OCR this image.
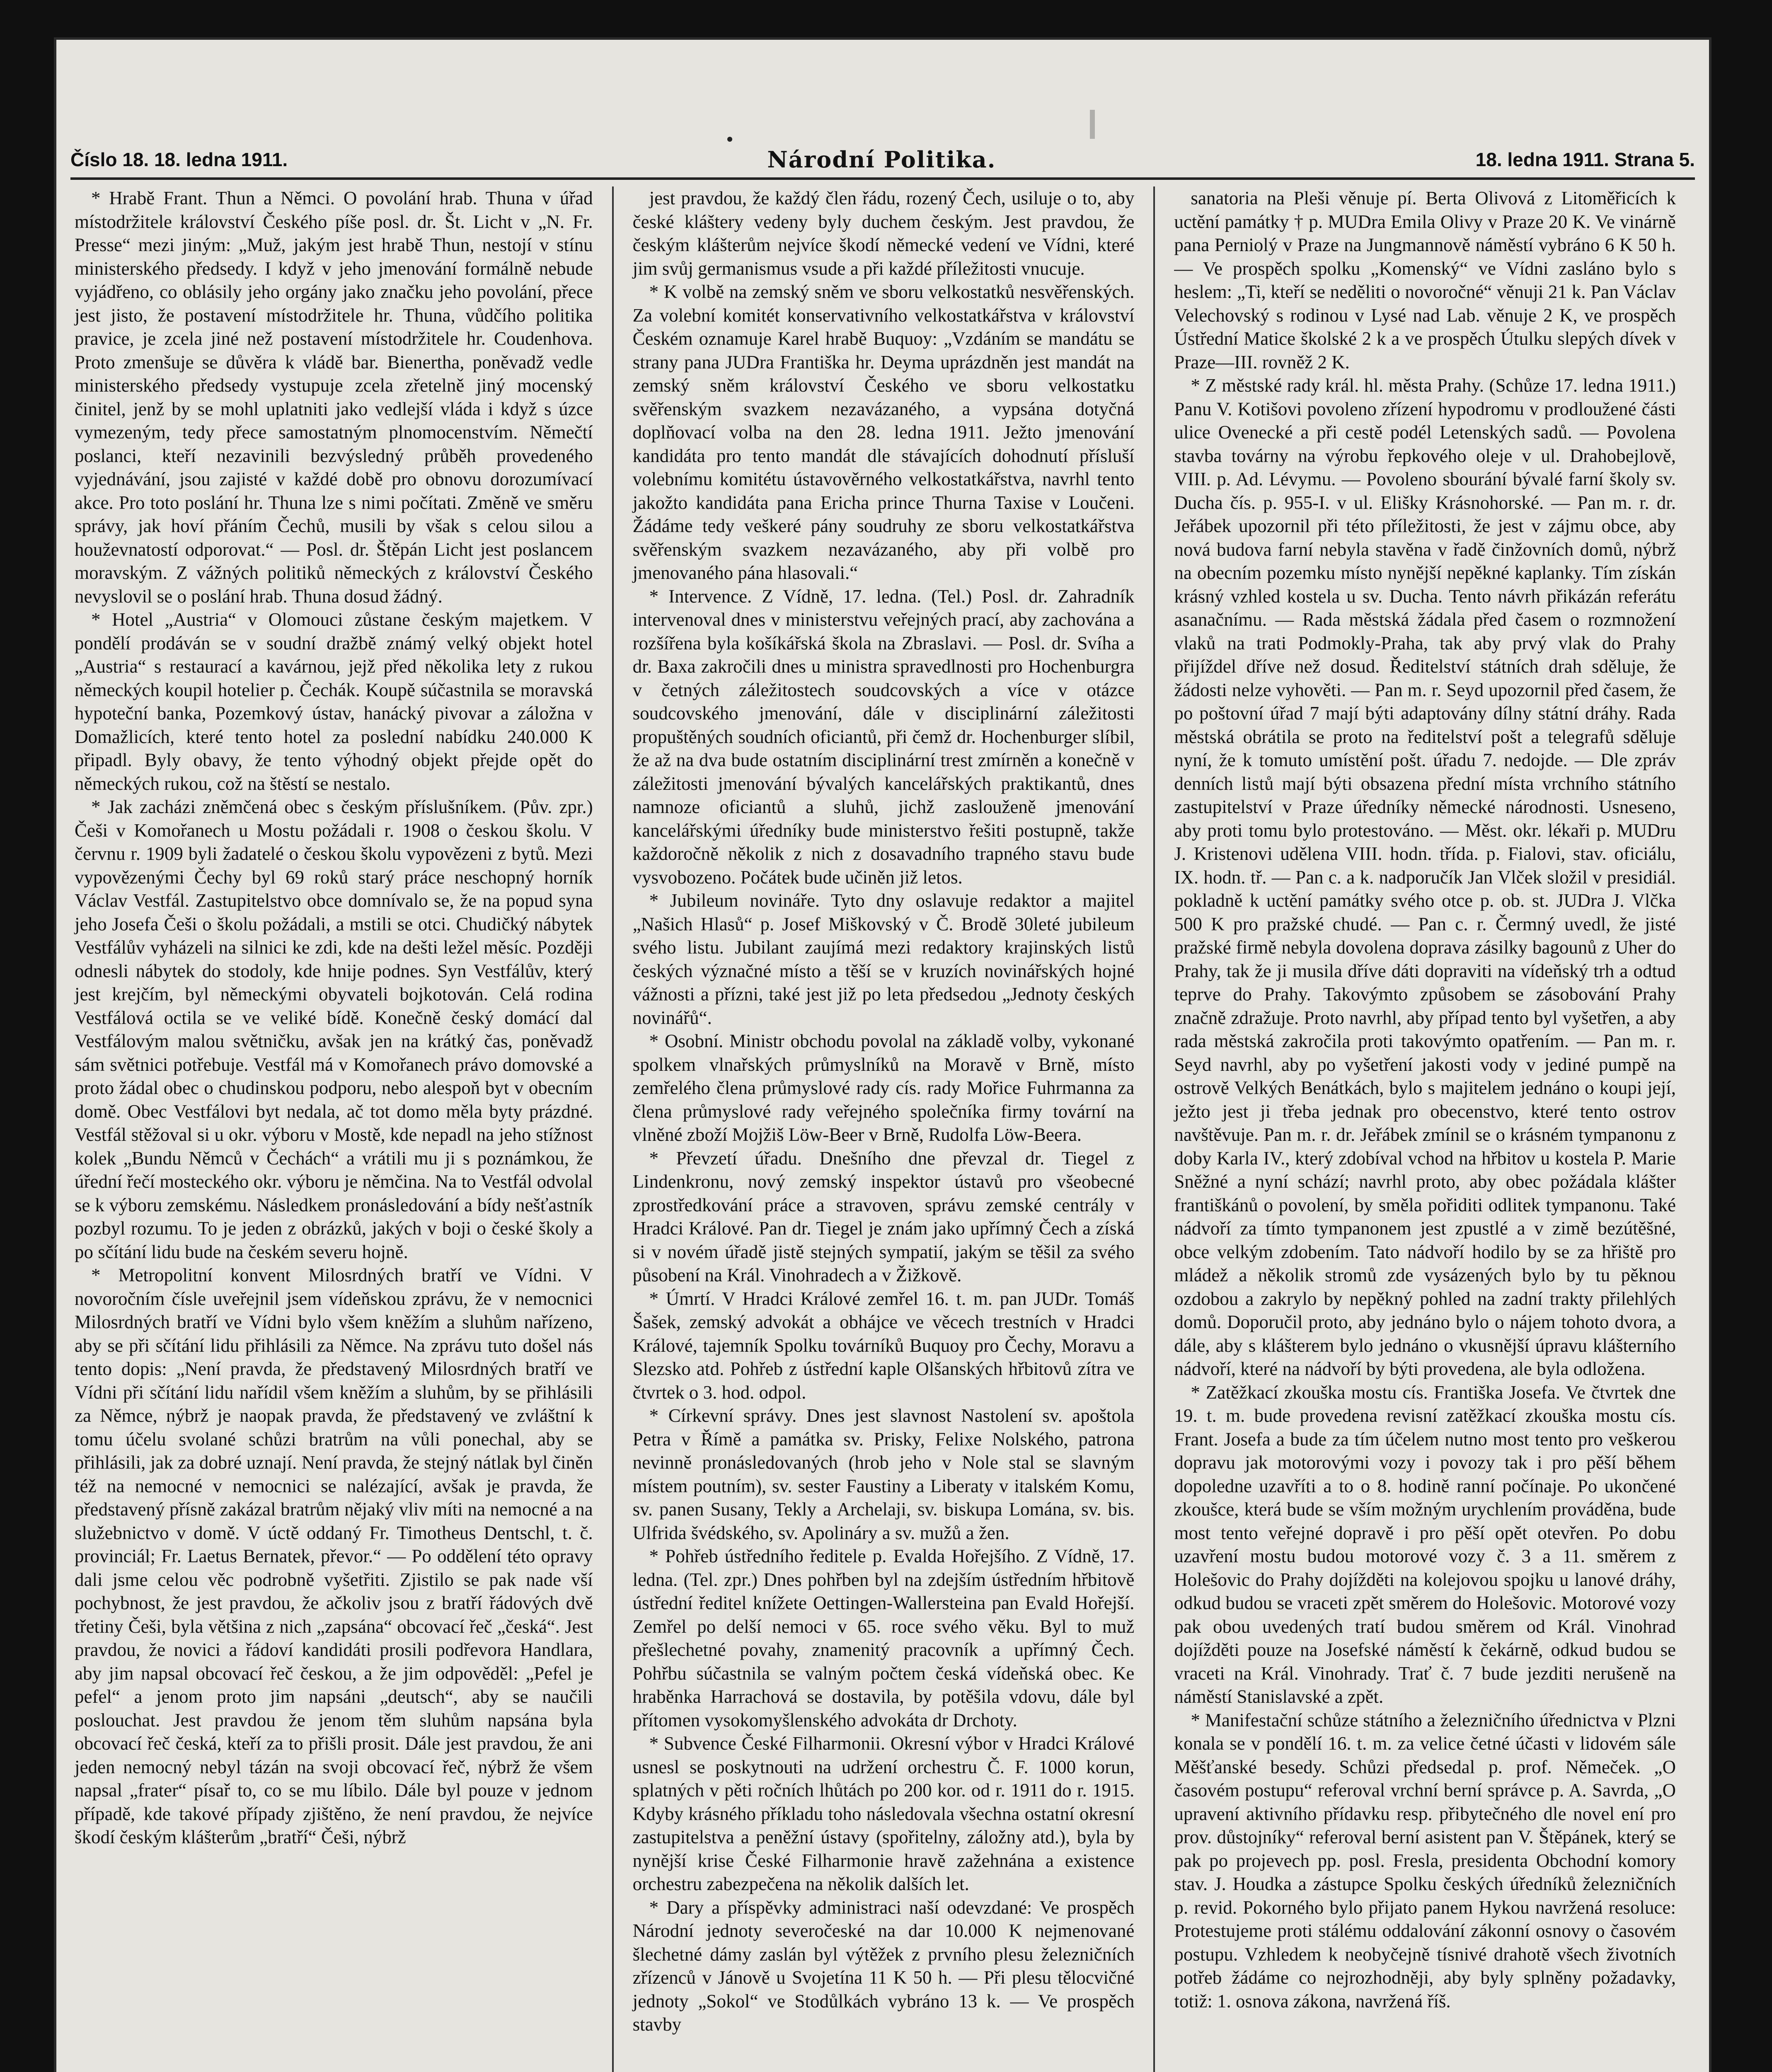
Číslo 18. 18. ledna 1911.	Národní Politika.	18. ledna 1911. Strana 5.

* Hrabě Frant. Thun a Němci. O povolání hrab. Thuna v úřad místodržitele království Českého píše posl. dr. Št. Licht v „N. Fr. Presse“ mezi jiným: „Muž, jakým jest hrabě Thun, nestojí v stínu ministerského předsedy. I když v jeho jmenování formálně nebude vyjádřeno, co oblásily jeho orgány jako značku jeho povolání, přece jest jisto, že postavení místodržitele hr. Thuna, vůdčího politika pravice, je zcela jiné než postavení místodržitele hr. Coudenhova. Proto zmenšuje se důvěra k vládě bar. Bienertha, poněvadž vedle ministerského předsedy vystupuje zcela zřetelně jiný mocenský činitel, jenž by se mohl uplatniti jako vedlejší vláda i když s úzce vymezeným, tedy přece samostatným plnomocenstvím. Němečtí poslanci, kteří nezavinili bezvýsledný průběh provedeného vyjednávání, jsou zajisté v každé době pro obnovu dorozumívací akce. Pro toto poslání hr. Thuna lze s nimi počítati. Změně ve směru správy, jak hoví přáním Čechů, musili by však s celou silou a houževnatostí odporovat.“ — Posl. dr. Štěpán Licht jest poslancem moravským. Z vážných politiků německých z království Českého nevyslovil se o poslání hrab. Thuna dosud žádný.

* Hotel „Austria“ v Olomouci zůstane českým majetkem. V pondělí prodáván se v soudní dražbě známý velký objekt hotel „Austria“ s restaurací a kavárnou, jejž před několika lety z rukou německých koupil hotelier p. Čechák. Koupě súčastnila se moravská hypoteční banka, Pozemkový ústav, hanácký pivovar a záložna v Domažlicích, které tento hotel za poslední nabídku 240.000 K připadl. Byly obavy, že tento výhodný objekt přejde opět do německých rukou, což na štěstí se nestalo.

* Jak zacházi zněmčená obec s českým příslušníkem. (Pův. zpr.) Češi v Komořanech u Mostu požádali r. 1908 o českou školu. V červnu r. 1909 byli žadatelé o českou školu vypovězeni z bytů. Mezi vypovězenými Čechy byl 69 roků starý práce neschopný horník Václav Vestfál. Zastupitelstvo obce domnívalo se, že na popud syna jeho Josefa Češi o školu požádali, a mstili se otci. Chudičký nábytek Vestfálův vyházeli na silnici ke zdi, kde na dešti ležel měsíc. Později odnesli nábytek do stodoly, kde hnije podnes. Syn Vestfálův, který jest krejčím, byl německými obyvateli bojkotován. Celá rodina Vestfálová octila se ve veliké bídě. Konečně český domácí dal Vestfálovým malou světničku, avšak jen na krátký čas, poněvadž sám světnici potřebuje. Vestfál má v Komořanech právo domovské a proto žádal obec o chudinskou podporu, nebo alespoň byt v obecním domě. Obec Vestfálovi byt nedala, ač tot domo měla byty prázdné. Vestfál stěžoval si u okr. výboru v Mostě, kde nepadl na jeho stížnost kolek „Bundu Němců v Čechách“ a vrátili mu ji s poznámkou, že úřední řečí mosteckého okr. výboru je němčina. Na to Vestfál odvolal se k výboru zemskému. Následkem pronásledování a bídy nešťastník pozbyl rozumu. To je jeden z obrázků, jakých v boji o české školy a po sčítání lidu bude na českém severu hojně.

* Metropolitní konvent Milosrdných bratří ve Vídni. V novoročním čísle uveřejnil jsem vídeňskou zprávu, že v nemocnici Milosrdných bratří ve Vídni bylo všem kněžím a sluhům nařízeno, aby se při sčítání lidu přihlásili za Němce. Na zprávu tuto došel nás tento dopis: „Není pravda, že představený Milosrdných bratří ve Vídni při sčítání lidu nařídil všem kněžím a sluhům, by se přihlásili za Němce, nýbrž je naopak pravda, že představený ve zvláštní k tomu účelu svolané schůzi bratrům na vůli ponechal, aby se přihlásili, jak za dobré uznají. Není pravda, že stejný nátlak byl činěn též na nemocné v nemocnici se nalézající, avšak je pravda, že představený přísně zakázal bratrům nějaký vliv míti na nemocné a na služebnictvo v domě. V úctě oddaný Fr. Timotheus Dentschl, t. č. provinciál; Fr. Laetus Bernatek, převor.“ — Po oddělení této opravy dali jsme celou věc podrobně vyšetřiti. Zjistilo se pak nade vší pochybnost, že jest pravdou, že ačkoliv jsou z bratří řádových dvě třetiny Češi, byla většina z nich „zapsána“ obcovací řeč „česká“. Jest pravdou, že novici a řádoví kandidáti prosili podřevora Handlara, aby jim napsal obcovací řeč českou, a že jim odpověděl: „Pefel je pefel“ a jenom proto jim napsáni „deutsch“, aby se naučili poslouchat. Jest pravdou že jenom těm sluhům napsána byla obcovací řeč česká, kteří za to přišli prosit. Dále jest pravdou, že ani jeden nemocný nebyl tázán na svoji obcovací řeč, nýbrž že všem napsal „frater“ písař to, co se mu líbilo. Dále byl pouze v jednom případě, kde takové případy zjištěno, že není pravdou, že nejvíce škodí českým klášterům „bratří“ Češi, nýbrž

jest pravdou, že každý člen řádu, rozený Čech, usiluje o to, aby české kláštery vedeny byly duchem českým. Jest pravdou, že českým klášterům nejvíce škodí německé vedení ve Vídni, které jim svůj germanismus vsude a při každé příležitosti vnucuje.

* K volbě na zemský sněm ve sboru velkostatků nesvěřenských. Za volební komitét konservativního velkostatkářstva v království Českém oznamuje Karel hrabě Buquoy: „Vzdáním se mandátu se strany pana JUDra Františka hr. Deyma uprázdněn jest mandát na zemský sněm království Českého ve sboru velkostatku svěřenským svazkem nezavázaného, a vypsána dotyčná doplňovací volba na den 28. ledna 1911. Ježto jmenování kandidáta pro tento mandát dle stávajících dohodnutí přísluší volebnímu komitétu ústavověrného velkostatkářstva, navrhl tento jakožto kandidáta pana Ericha prince Thurna Taxise v Loučeni. Žádáme tedy veškeré pány soudruhy ze sboru velkostatkářstva svěřenským svazkem nezavázaného, aby při volbě pro jmenovaného pána hlasovali.“

* Intervence. Z Vídně, 17. ledna. (Tel.) Posl. dr. Zahradník intervenoval dnes v ministerstvu veřejných prací, aby zachována a rozšířena byla košíkářská škola na Zbraslavi. — Posl. dr. Svíha a dr. Baxa zakročili dnes u ministra spravedlnosti pro Hochenburgra v četných záležitostech soudcovských a více v otázce soudcovského jmenování, dále v disciplinární záležitosti propuštěných soudních oficiantů, při čemž dr. Hochenburger slíbil, že až na dva bude ostatním disciplinární trest zmírněn a konečně v záležitosti jmenování bývalých kancelářských praktikantů, dnes namnoze oficiantů a sluhů, jichž zaslouženě jmenování kancelářskými úředníky bude ministerstvo řešiti postupně, takže každoročně několik z nich z dosavadního trapného stavu bude vysvobozeno. Počátek bude učiněn již letos.

* Jubileum novináře. Tyto dny oslavuje redaktor a majitel „Našich Hlasů“ p. Josef Miškovský v Č. Brodě 30leté jubileum svého listu. Jubilant zaujímá mezi redaktory krajinských listů českých význačné místo a těší se v kruzích novinářských hojné vážnosti a přízni, také jest již po leta předsedou „Jednoty českých novinářů“.

* Osobní. Ministr obchodu povolal na základě volby, vykonané spolkem vlnařských průmyslníků na Moravě v Brně, místo zemřelého člena průmyslové rady cís. rady Mořice Fuhrmanna za člena průmyslové rady veřejného společníka firmy tovární na vlněné zboží Mojžiš Löw-Beer v Brně, Rudolfa Löw-Beera.

* Převzetí úřadu. Dnešního dne převzal dr. Tiegel z Lindenkronu, nový zemský inspektor ústavů pro všeobecné zprostředkování práce a stravoven, správu zemské centrály v Hradci Králové. Pan dr. Tiegel je znám jako upřímný Čech a získá si v novém úřadě jistě stejných sympatií, jakým se těšil za svého působení na Král. Vinohradech a v Žižkově.

* Úmrtí. V Hradci Králové zemřel 16. t. m. pan JUDr. Tomáš Šašek, zemský advokát a obhájce ve věcech trestních v Hradci Králové, tajemník Spolku továrníků Buquoy pro Čechy, Moravu a Slezsko atd. Pohřeb z ústřední kaple Olšanských hřbitovů zítra ve čtvrtek o 3. hod. odpol.

* Církevní správy. Dnes jest slavnost Nastolení sv. apoštola Petra v Římě a památka sv. Prisky, Felixe Nolského, patrona nevinně pronásledovaných (hrob jeho v Nole stal se slavným místem poutním), sv. sester Faustiny a Liberaty v italském Komu, sv. panen Susany, Tekly a Archelaji, sv. biskupa Lomána, sv. bis. Ulfrida švédského, sv. Apolináry a sv. mužů a žen.

* Pohřeb ústředního ředitele p. Evalda Hořejšího. Z Vídně, 17. ledna. (Tel. zpr.) Dnes pohřben byl na zdejším ústředním hřbitově ústřední ředitel knížete Oettingen-Wallersteina pan Evald Hořejší. Zemřel po delší nemoci v 65. roce svého věku. Byl to muž přešlechetné povahy, znamenitý pracovník a upřímný Čech. Pohřbu súčastnila se valným počtem česká vídeňská obec. Ke hraběnka Harrachová se dostavila, by potěšila vdovu, dále byl přítomen vysokomyšlenského advokáta dr Drchoty.

* Subvence České Filharmonii. Okresní výbor v Hradci Králové usnesl se poskytnouti na udržení orchestru Č. F. 1000 korun, splatných v pěti ročních lhůtách po 200 kor. od r. 1911 do r. 1915. Kdyby krásného příkladu toho následovala všechna ostatní okresní zastupitelstva a peněžní ústavy (spořitelny, záložny atd.), byla by nynější krise České Filharmonie hravě zažehnána a existence orchestru zabezpečena na několik dalších let.

* Dary a příspěvky administraci naší odevzdané: Ve prospěch Národní jednoty severočeské na dar 10.000 K nejmenované šlechetné dámy zaslán byl výtěžek z prvního plesu železničních zřízenců v Jánově u Svojetína 11 K 50 h. — Při plesu tělocvičné jednoty „Sokol“ ve Stodůlkách vybráno 13 k. — Ve prospěch stavby

sanatoria na Pleši věnuje pí. Berta Olivová z Litoměřicích k uctění památky † p. MUDra Emila Olivy v Praze 20 K. Ve vinárně pana Perniolý v Praze na Jungmannově náměstí vybráno 6 K 50 h. — Ve prospěch spolku „Komenský“ ve Vídni zasláno bylo s heslem: „Ti, kteří se neděliti o novoročné“ věnuji 21 k. Pan Václav Velechovský s rodinou v Lysé nad Lab. věnuje 2 K, ve prospěch Ústřední Matice školské 2 k a ve prospěch Útulku slepých dívek v Praze—III. rovněž 2 K.

* Z městské rady král. hl. města Prahy. (Schůze 17. ledna 1911.) Panu V. Kotišovi povoleno zřízení hypodromu v prodloužené části ulice Ovenecké a při cestě podél Letenských sadů. — Povolena stavba továrny na výrobu řepkového oleje v ul. Drahobejlově, VIII. p. Ad. Lévymu. — Povoleno sbourání bývalé farní školy sv. Ducha čís. p. 955-I. v ul. Elišky Krásnohorské. — Pan m. r. dr. Jeřábek upozornil při této příležitosti, že jest v zájmu obce, aby nová budova farní nebyla stavěna v řadě činžovních domů, nýbrž na obecním pozemku místo nynější nepěkné kaplanky. Tím získán krásný vzhled kostela u sv. Ducha. Tento návrh přikázán referátu asanačnímu. — Rada městská žádala před časem o rozmnožení vlaků na trati Podmokly-Praha, tak aby prvý vlak do Prahy přijíždel dříve než dosud. Ředitelství státních drah sděluje, že žádosti nelze vyhověti. — Pan m. r. Seyd upozornil před časem, že po poštovní úřad 7 mají býti adaptovány dílny státní dráhy. Rada městská obrátila se proto na ředitelství pošt a telegrafů sděluje nyní, že k tomuto umístění pošt. úřadu 7. nedojde. — Dle zpráv denních listů mají býti obsazena přední místa vrchního státního zastupitelství v Praze úředníky německé národnosti. Usneseno, aby proti tomu bylo protestováno. — Měst. okr. lékaři p. MUDru J. Kristenovi udělena VIII. hodn. třída. p. Fialovi, stav. oficiálu, IX. hodn. tř. — Pan c. a k. nadporučík Jan Vlček složil v presidiál. pokladně k uctění památky svého otce p. ob. st. JUDra J. Vlčka 500 K pro pražské chudé. — Pan c. r. Čermný uvedl, že jisté pražské firmě nebyla dovolena doprava zásilky bagounů z Uher do Prahy, tak že ji musila dříve dáti dopraviti na vídeňský trh a odtud teprve do Prahy. Takovýmto způsobem se zásobování Prahy značně zdražuje. Proto navrhl, aby případ tento byl vyšetřen, a aby rada městská zakročila proti takovýmto opatřením. — Pan m. r. Seyd navrhl, aby po vyšetření jakosti vody v jediné pumpě na ostrově Velkých Benátkách, bylo s majitelem jednáno o koupi její, ježto jest ji třeba jednak pro obecenstvo, které tento ostrov navštěvuje. Pan m. r. dr. Jeřábek zmínil se o krásném tympanonu z doby Karla IV., který zdobíval vchod na hřbitov u kostela P. Marie Sněžné a nyní schází; navrhl proto, aby obec požádala klášter františkánů o povolení, by směla pořiditi odlitek tympanonu. Také nádvoří za tímto tympanonem jest zpustlé a v zimě bezútěšné, obce velkým zdobením. Tato nádvoří hodilo by se za hřiště pro mládež a několik stromů zde vysázených bylo by tu pěknou ozdobou a zakrylo by nepěkný pohled na zadní trakty přilehlých domů. Doporučil proto, aby jednáno bylo o nájem tohoto dvora, a dále, aby s klášterem bylo jednáno o vkusnější úpravu klášterního nádvoří, které na nádvoří by býti provedena, ale byla odložena.

* Zatěžkací zkouška mostu cís. Františka Josefa. Ve čtvrtek dne 19. t. m. bude provedena revisní zatěžkací zkouška mostu cís. Frant. Josefa a bude za tím účelem nutno most tento pro veškerou dopravu jak motorovými vozy i povozy tak i pro pěší během dopoledne uzavříti a to o 8. hodině ranní počínaje. Po ukončené zkoušce, která bude se vším možným urychlením prováděna, bude most tento veřejné dopravě i pro pěší opět otevřen. Po dobu uzavření mostu budou motorové vozy č. 3 a 11. směrem z Holešovic do Prahy dojížděti na kolejovou spojku u lanové dráhy, odkud budou se vraceti zpět směrem do Holešovic. Motorové vozy pak obou uvedených tratí budou směrem od Král. Vinohrad dojížděti pouze na Josefské náměstí k čekárně, odkud budou se vraceti na Král. Vinohrady. Trať č. 7 bude jezditi nerušeně na náměstí Stanislavské a zpět.

* Manifestační schůze státního a železničního úřednictva v Plzni konala se v pondělí 16. t. m. za velice četné účasti v lidovém sále Měšťanské besedy. Schůzi předsedal p. prof. Němeček. „O časovém postupu“ referoval vrchní berní správce p. A. Savrda, „O upravení aktivního přídavku resp. přibytečného dle novel ení pro prov. důstojníky“ referoval berní asistent pan V. Štěpánek, který se pak po projevech pp. posl. Fresla, presidenta Obchodní komory stav. J. Houdka a zástupce Spolku českých úředníků železničních p. revid. Pokorného bylo přijato panem Hykou navržená resoluce: Protestujeme proti stálému oddalování zákonní osnovy o časovém postupu. Vzhledem k neobyčejně tísnivé drahotě všech životních potřeb žádáme co nejrozhodněji, aby byly splněny požadavky, totiž: 1. osnova zákona, navržená říš.
